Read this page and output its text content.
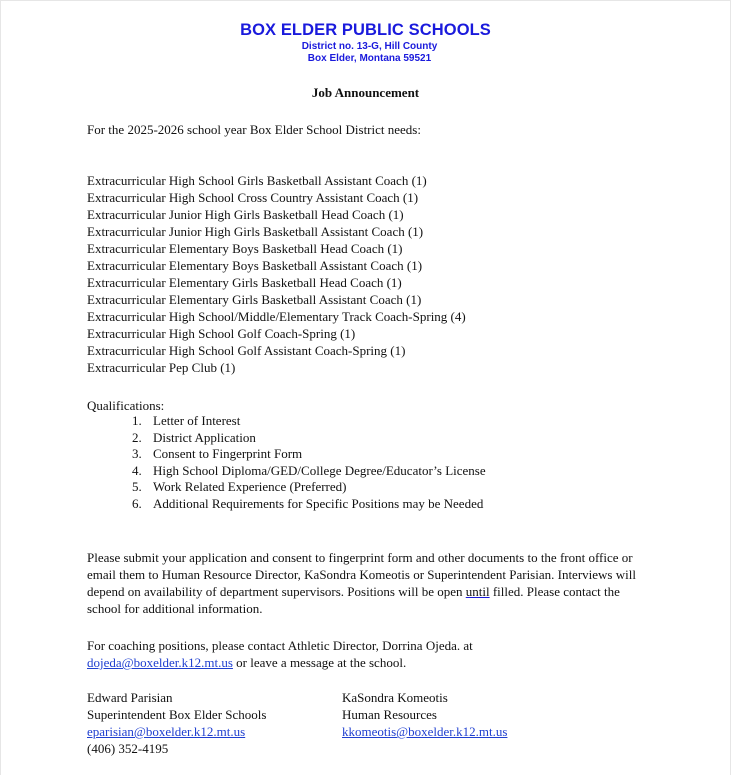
BOX ELDER PUBLIC SCHOOLS
District no. 13-G, Hill County
Box Elder, Montana 59521
Job Announcement
For the 2025-2026 school year Box Elder School District needs:
Extracurricular High School Girls Basketball Assistant Coach (1)
Extracurricular High School Cross Country Assistant Coach (1)
Extracurricular Junior High Girls Basketball Head Coach (1)
Extracurricular Junior High Girls Basketball Assistant Coach (1)
Extracurricular Elementary Boys Basketball Head Coach (1)
Extracurricular Elementary Boys Basketball Assistant Coach (1)
Extracurricular Elementary Girls Basketball Head Coach (1)
Extracurricular Elementary Girls Basketball Assistant Coach (1)
Extracurricular High School/Middle/Elementary Track Coach-Spring (4)
Extracurricular High School Golf Coach-Spring (1)
Extracurricular High School Golf Assistant Coach-Spring (1)
Extracurricular Pep Club (1)
Qualifications:
1. Letter of Interest
2. District Application
3. Consent to Fingerprint Form
4. High School Diploma/GED/College Degree/Educator’s License
5. Work Related Experience (Preferred)
6. Additional Requirements for Specific Positions may be Needed
Please submit your application and consent to fingerprint form and other documents to the front office or email them to Human Resource Director, KaSondra Komeotis or Superintendent Parisian. Interviews will depend on availability of department supervisors. Positions will be open until filled. Please contact the school for additional information.
For coaching positions, please contact Athletic Director, Dorrina Ojeda. at dojeda@boxelder.k12.mt.us or leave a message at the school.
Edward Parisian
Superintendent Box Elder Schools
eparisian@boxelder.k12.mt.us
(406) 352-4195
KaSondra Komeotis
Human Resources
kkomeotis@boxelder.k12.mt.us
